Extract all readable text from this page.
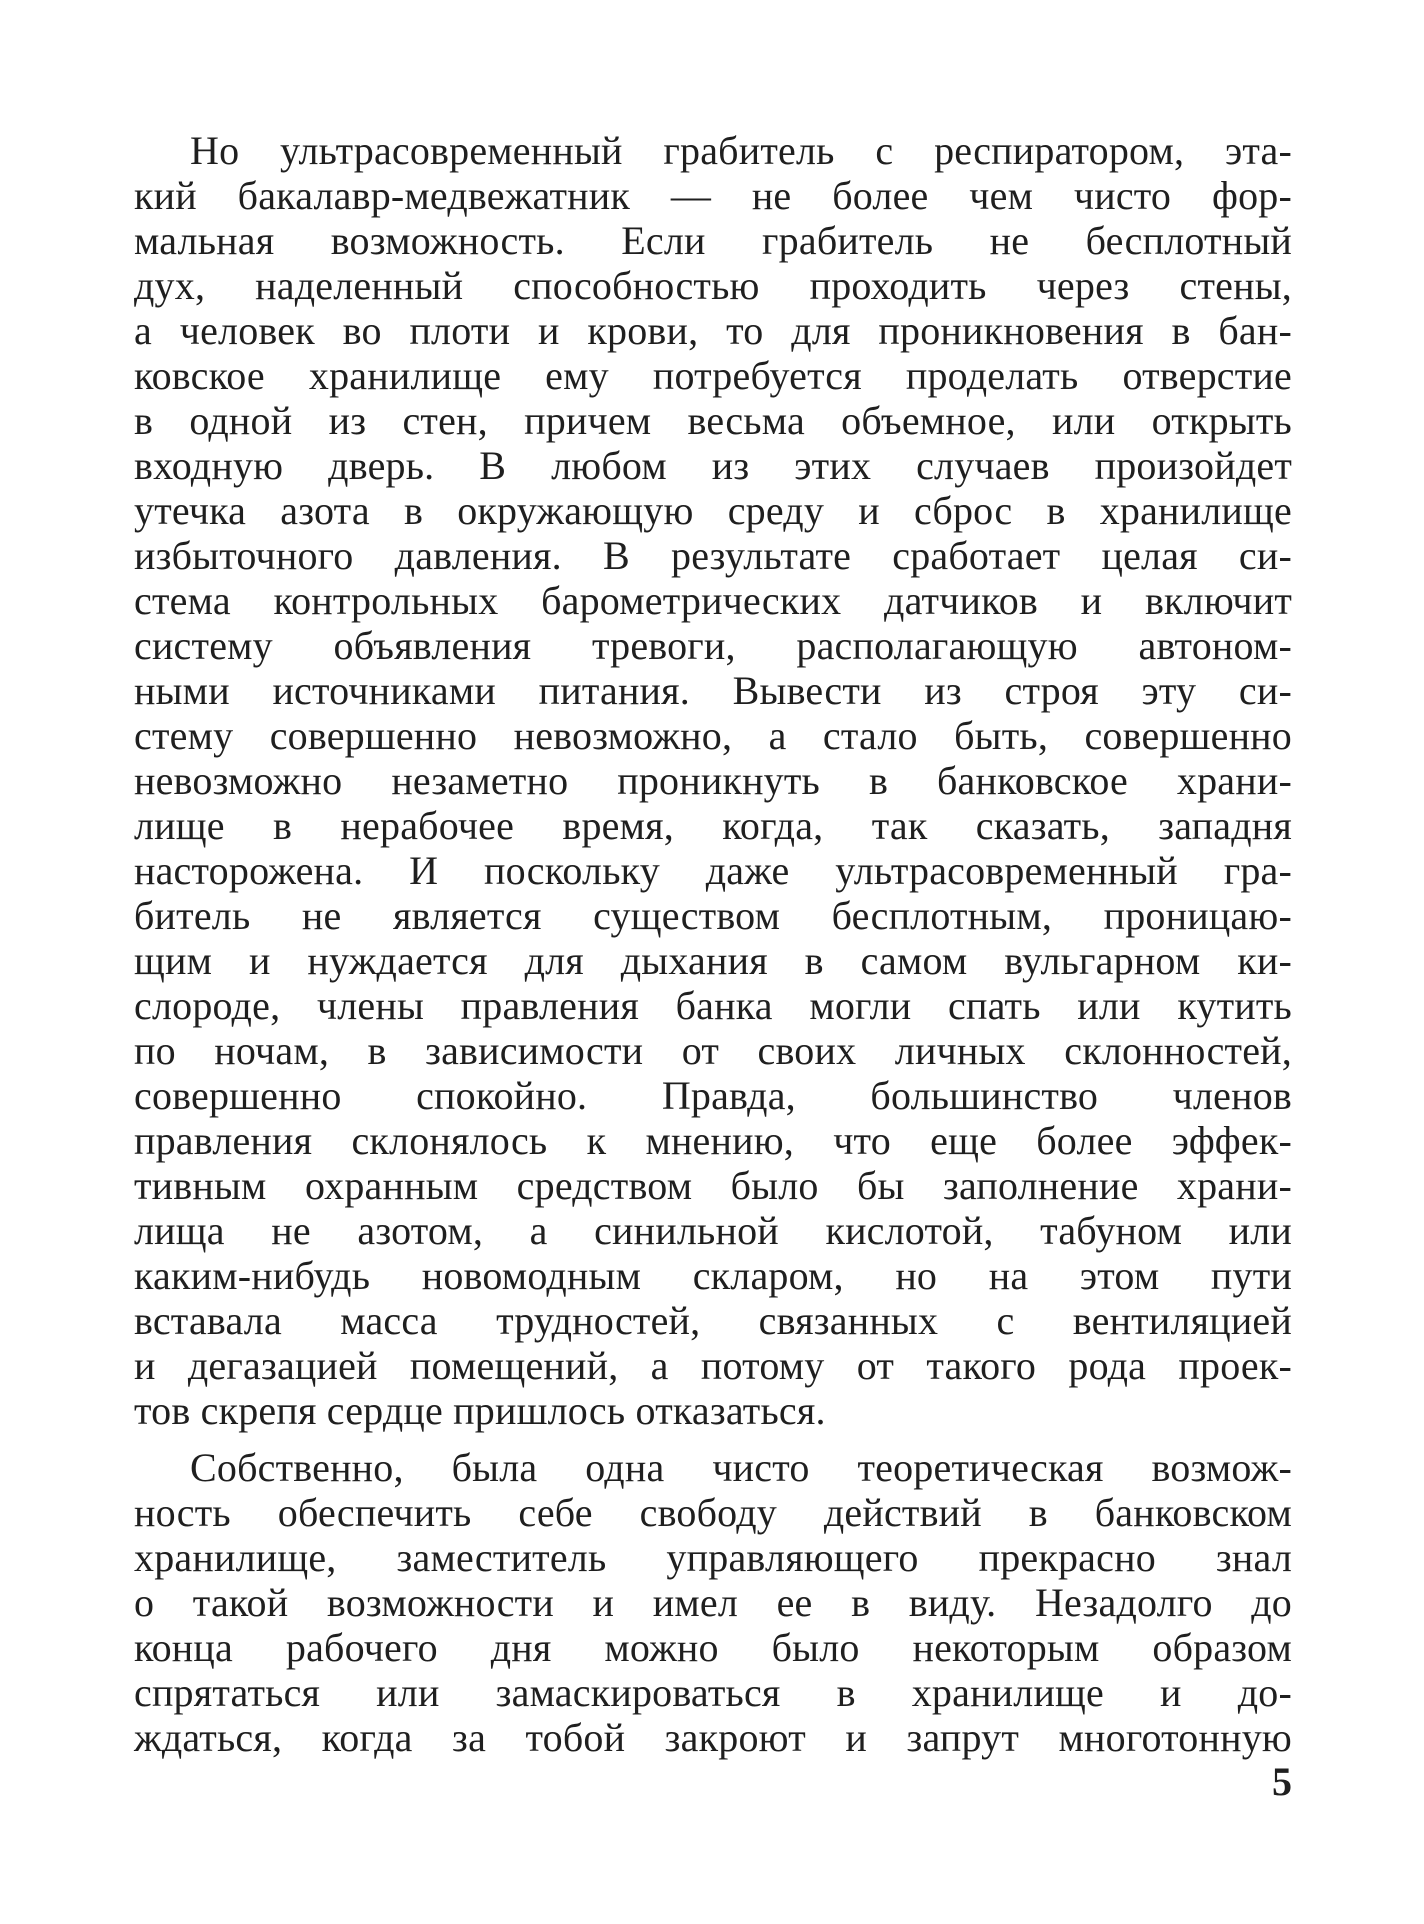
Но ультрасовременный грабитель с респиратором, эта-
кий бакалавр-медвежатник — не более чем чисто фор-
мальная возможность. Если грабитель не бесплотный
дух, наделенный способностью проходить через стены,
а человек во плоти и крови, то для проникновения в бан-
ковское хранилище ему потребуется проделать отверстие
в одной из стен, причем весьма объемное, или открыть
входную дверь. В любом из этих случаев произойдет
утечка азота в окружающую среду и сброс в хранилище
избыточного давления. В результате сработает целая си-
стема контрольных барометрических датчиков и включит
систему объявления тревоги, располагающую автоном-
ными источниками питания. Вывести из строя эту си-
стему совершенно невозможно, а стало быть, совершенно
невозможно незаметно проникнуть в банковское храни-
лище в нерабочее время, когда, так сказать, западня
насторожена. И поскольку даже ультрасовременный гра-
битель не является существом бесплотным, проницаю-
щим и нуждается для дыхания в самом вульгарном ки-
слороде, члены правления банка могли спать или кутить
по ночам, в зависимости от своих личных склонностей,
совершенно спокойно. Правда, большинство членов
правления склонялось к мнению, что еще более эффек-
тивным охранным средством было бы заполнение храни-
лища не азотом, а синильной кислотой, табуном или
каким-нибудь новомодным скларом, но на этом пути
вставала масса трудностей, связанных с вентиляцией
и дегазацией помещений, а потому от такого рода проек-
тов скрепя сердце пришлось отказаться.
Собственно, была одна чисто теоретическая возмож-
ность обеспечить себе свободу действий в банковском
хранилище, заместитель управляющего прекрасно знал
о такой возможности и имел ее в виду. Незадолго до
конца рабочего дня можно было некоторым образом
спрятаться или замаскироваться в хранилище и до-
ждаться, когда за тобой закроют и запрут многотонную
5
